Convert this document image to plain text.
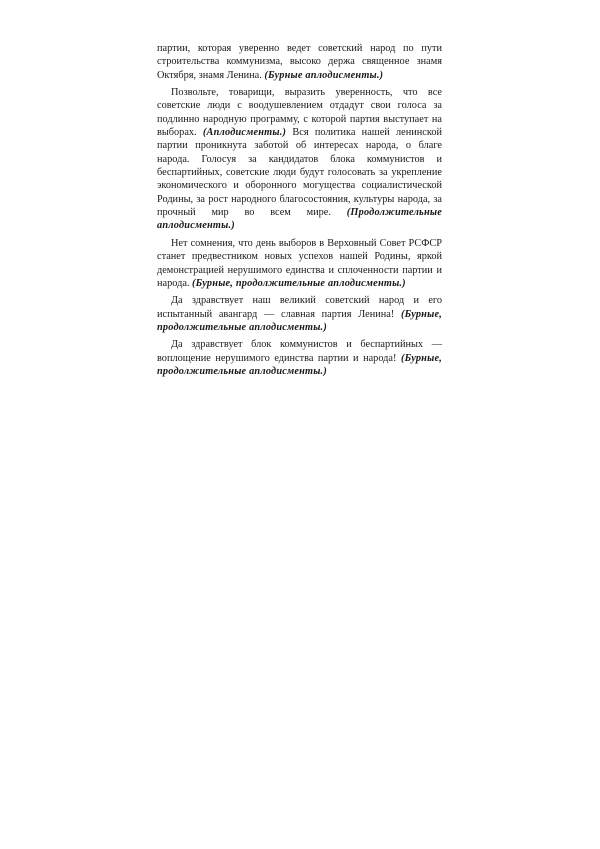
партии, которая уверенно ведет советский народ по пути строительства коммунизма, высоко держа священное знамя Октября, знамя Ленина. (Бурные аплодисменты.)

Позвольте, товарищи, выразить уверенность, что все советские люди с воодушевлением отдадут свои голоса за подлинно народную программу, с которой партия выступает на выборах. (Аплодисменты.) Вся политика нашей ленинской партии проникнута заботой об интересах народа, о благе народа. Голосуя за кандидатов блока коммунистов и беспартийных, советские люди будут голосовать за укрепление экономического и оборонного могущества социалистической Родины, за рост народного благосостояния, культуры народа, за прочный мир во всем мире. (Продолжительные аплодисменты.)

Нет сомнения, что день выборов в Верховный Совет РСФСР станет предвестником новых успехов нашей Родины, яркой демонстрацией нерушимого единства и сплоченности партии и народа. (Бурные, продолжительные аплодисменты.)

Да здравствует наш великий советский народ и его испытанный авангард — славная партия Ленина! (Бурные, продолжительные аплодисменты.)

Да здравствует блок коммунистов и беспартийных — воплощение нерушимого единства партии и народа! (Бурные, продолжительные аплодисменты.)
